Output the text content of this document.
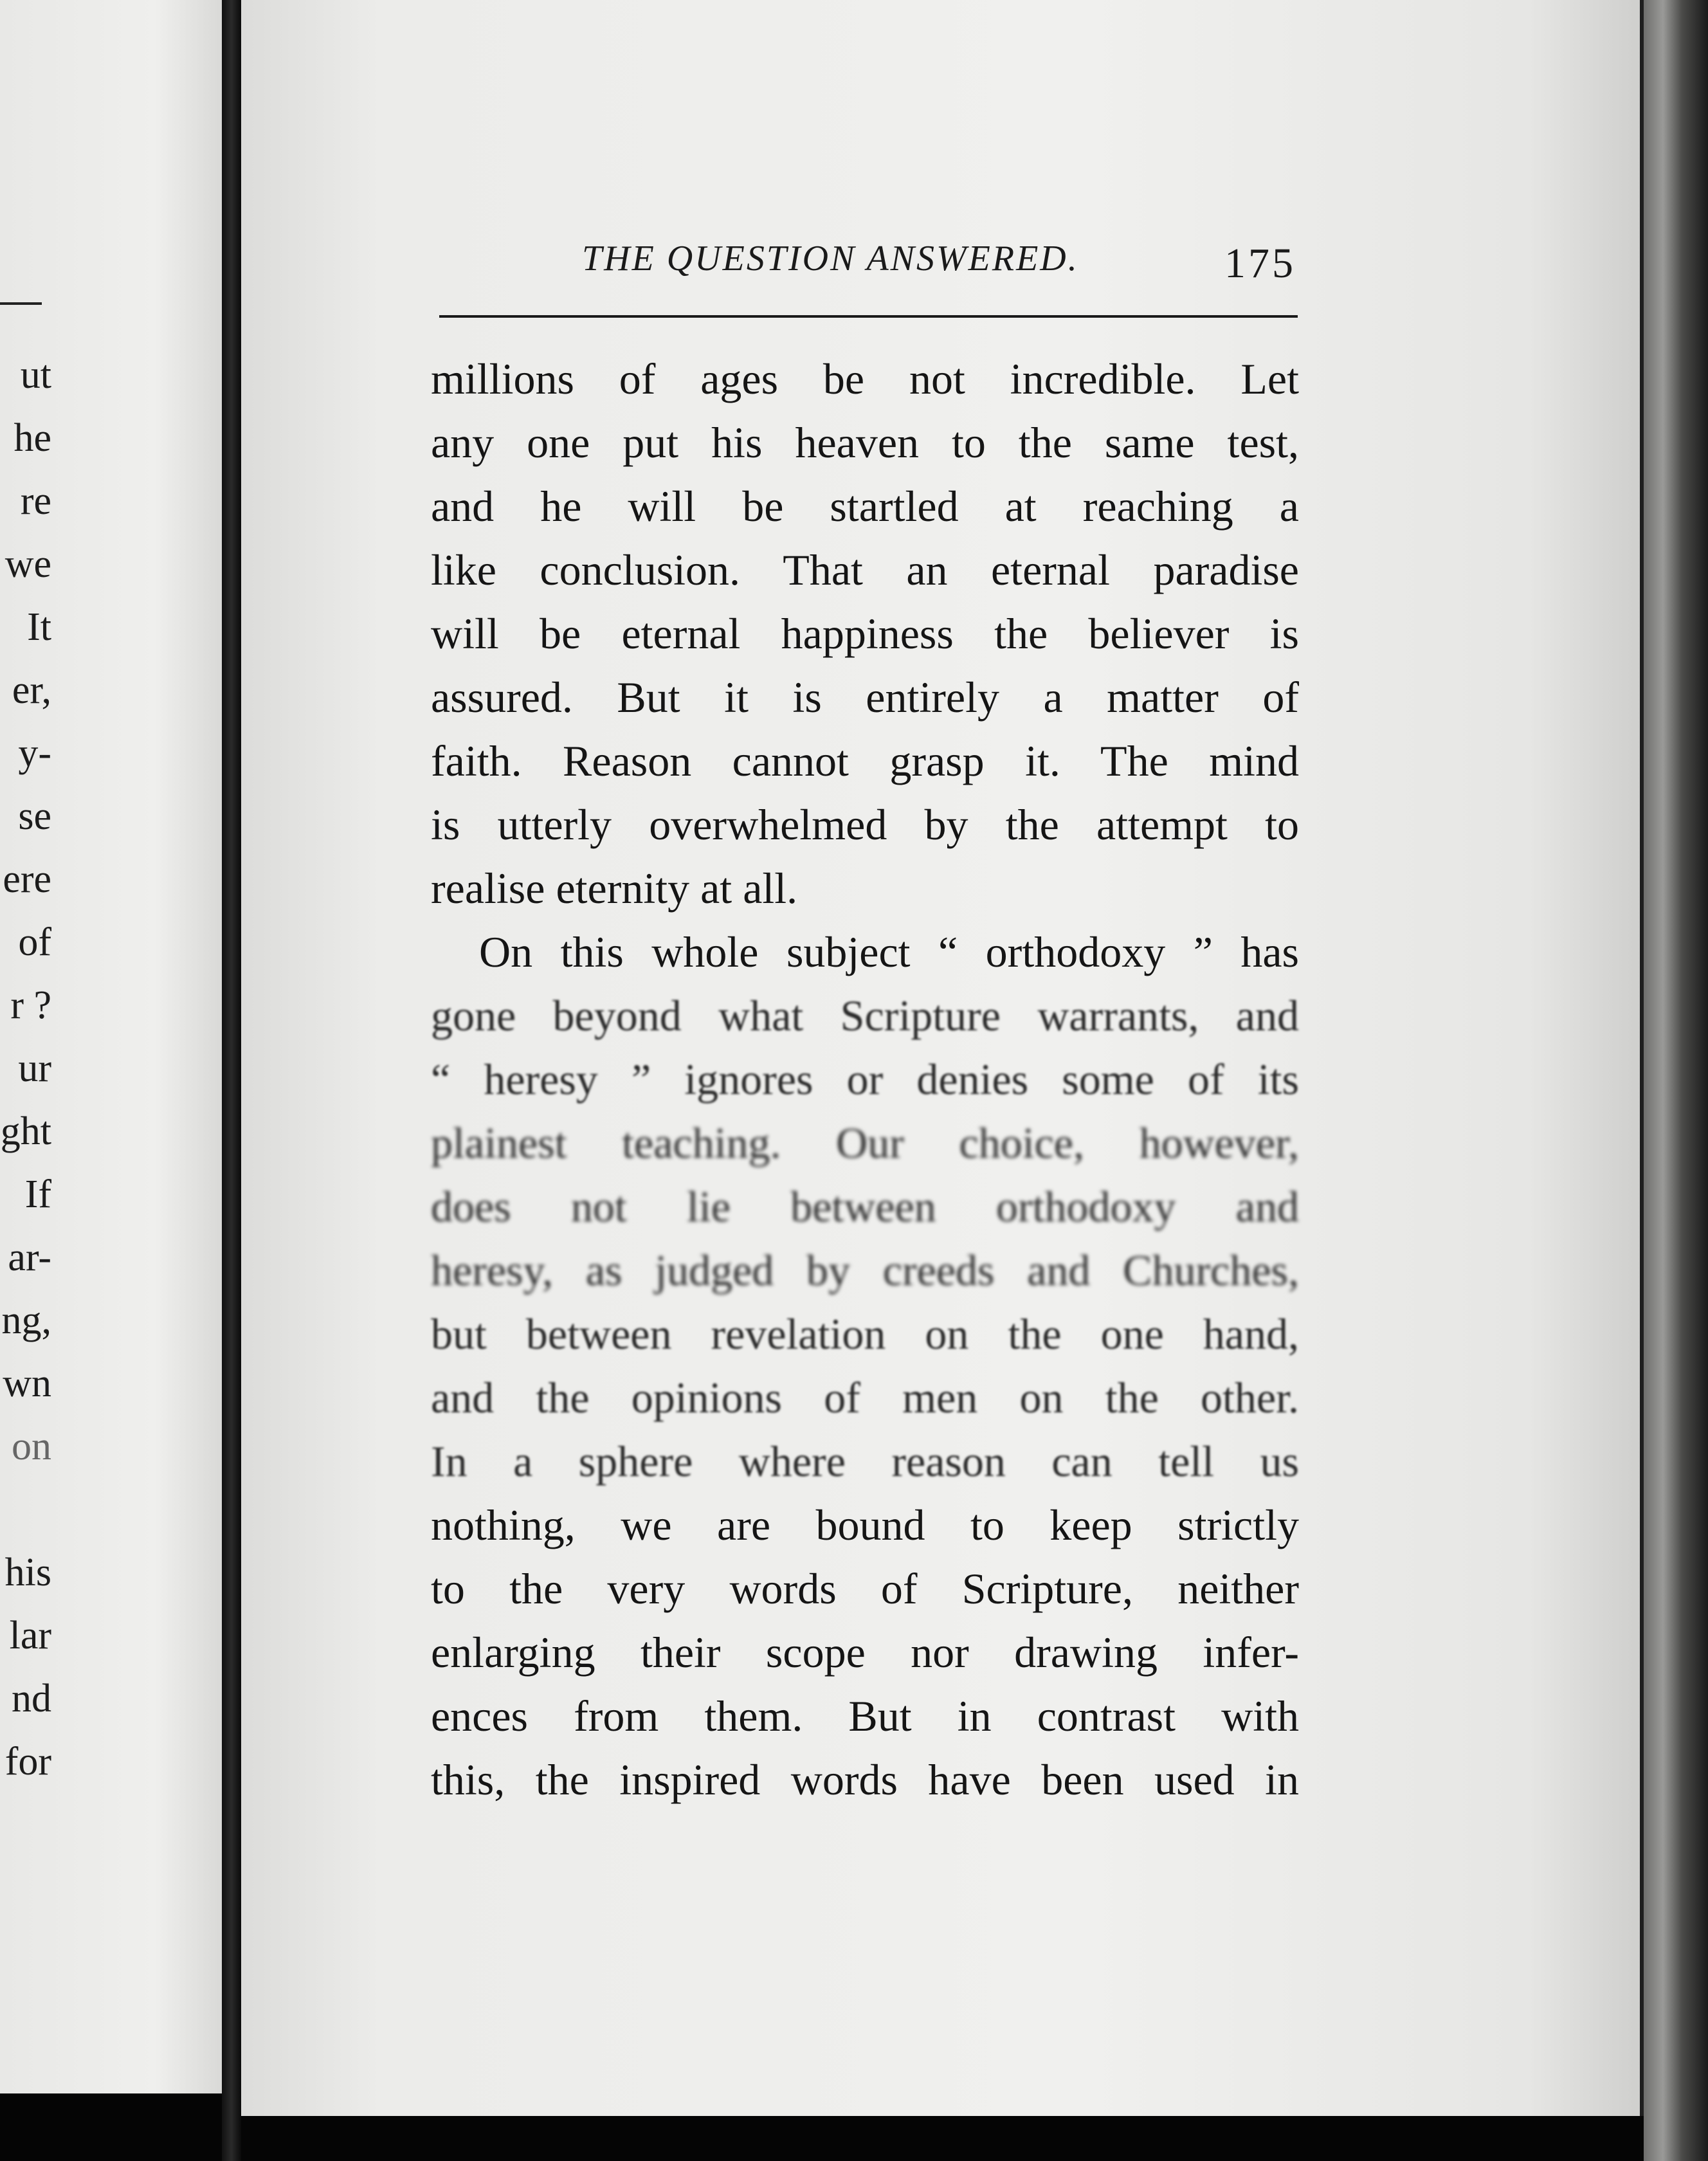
ut
he
re
we
It
er,
y-
se
ere
of
r ?
ur
ght
If
ar-
ng,
wn
on
his
lar
nd
for
THE QUESTION ANSWERED.	175
millions of ages be not incredible. Let
any one put his heaven to the same test,
and he will be startled at reaching a
like conclusion. That an eternal paradise
will be eternal happiness the believer is
assured. But it is entirely a matter of
faith. Reason cannot grasp it. The mind
is utterly overwhelmed by the attempt to
realise eternity at all.
On this whole subject “ orthodoxy ” has
gone beyond what Scripture warrants, and
“ heresy ” ignores or denies some of its
plainest teaching. Our choice, however,
does not lie between orthodoxy and
heresy, as judged by creeds and Churches,
but between revelation on the one hand,
and the opinions of men on the other.
In a sphere where reason can tell us
nothing, we are bound to keep strictly
to the very words of Scripture, neither
enlarging their scope nor drawing infer-
ences from them. But in contrast with
this, the inspired words have been used in
